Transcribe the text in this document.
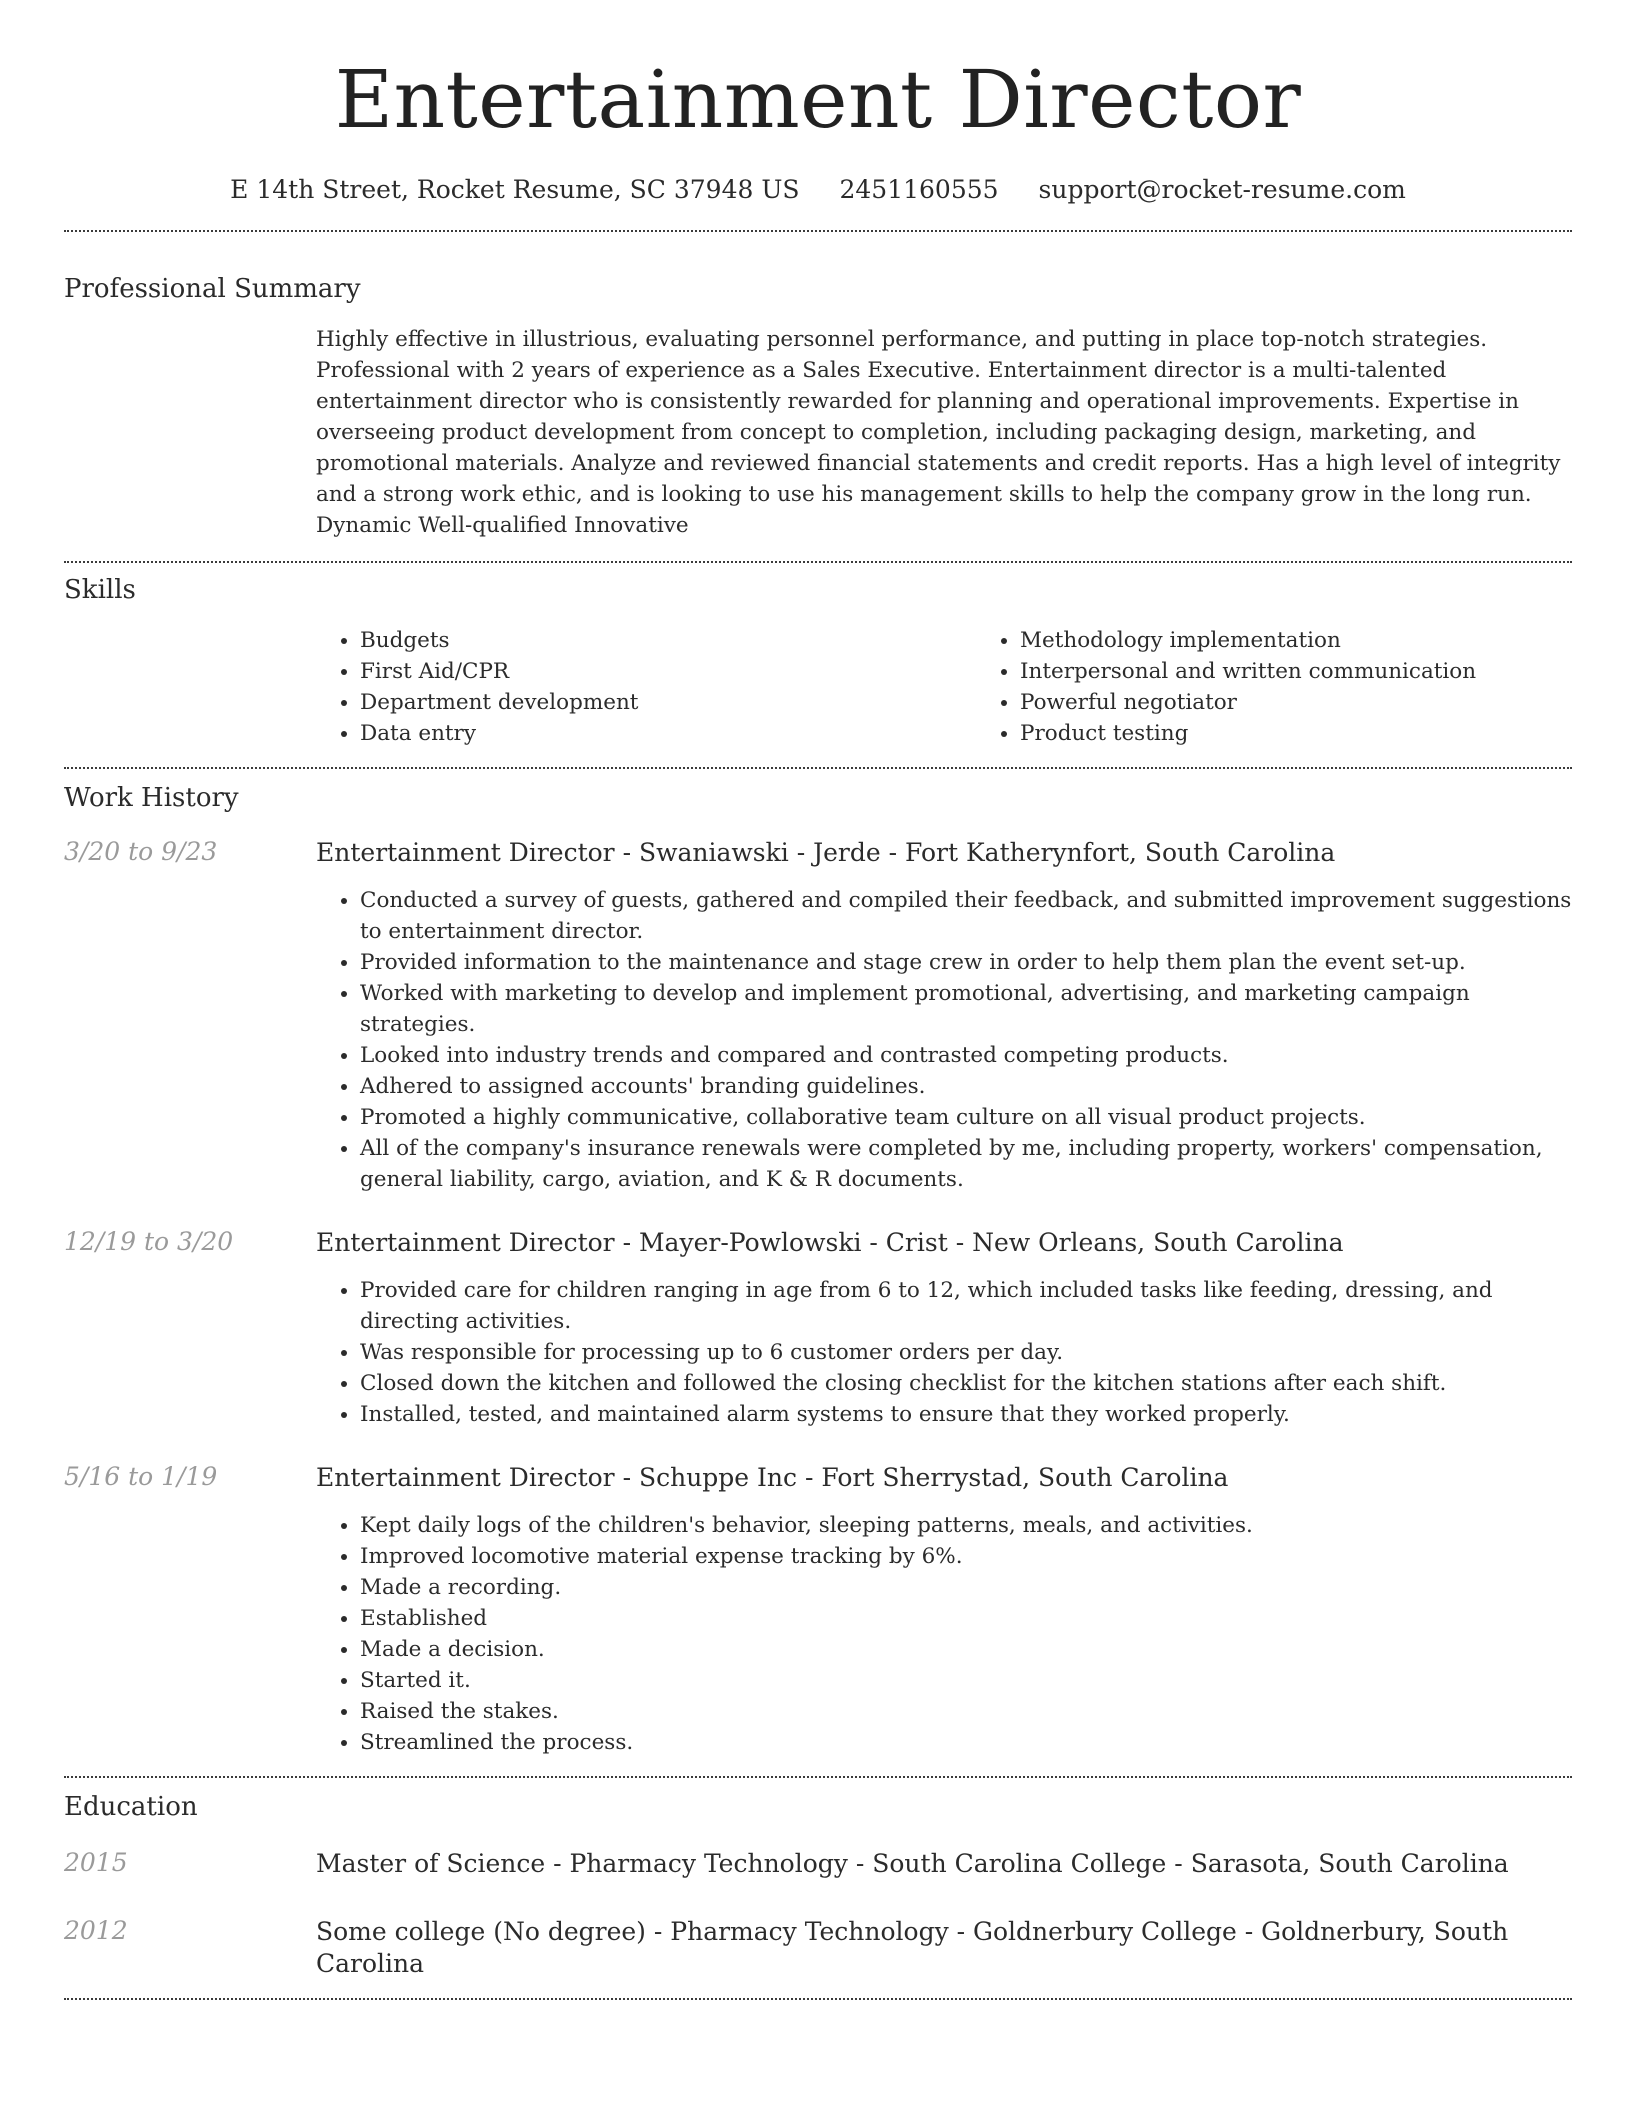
Entertainment Director
E 14th Street, Rocket Resume, SC 37948 US 2451160555 support@rocket-resume.com
Professional Summary

Highly effective in illustrious, evaluating personnel performance, and putting in place top-notch strategies. Professional with 2 years of experience as a Sales Executive. Entertainment director is a multi-talented entertainment director who is consistently rewarded for planning and operational improvements. Expertise in overseeing product development from concept to completion, including packaging design, marketing, and promotional materials. Analyze and reviewed financial statements and credit reports. Has a high level of integrity and a strong work ethic, and is looking to use his management skills to help the company grow in the long run. Dynamic Well-qualified Innovative

Skills
• Budgets
• First Aid/CPR
• Department development
• Data entry
• Methodology implementation
• Interpersonal and written communication
• Powerful negotiator
• Product testing
Work History
3/20 to 9/23	Entertainment Director - Swaniawski - Jerde - Fort Katherynfort, South Carolina
• Conducted a survey of guests, gathered and compiled their feedback, and submitted improvement suggestions to entertainment director.
• Provided information to the maintenance and stage crew in order to help them plan the event set-up.
• Worked with marketing to develop and implement promotional, advertising, and marketing campaign strategies.
• Looked into industry trends and compared and contrasted competing products.
• Adhered to assigned accounts' branding guidelines.
• Promoted a highly communicative, collaborative team culture on all visual product projects.
• All of the company's insurance renewals were completed by me, including property, workers' compensation, general liability, cargo, aviation, and K & R documents.
12/19 to 3/20	Entertainment Director - Mayer-Powlowski - Crist - New Orleans, South Carolina
• Provided care for children ranging in age from 6 to 12, which included tasks like feeding, dressing, and directing activities.
• Was responsible for processing up to 6 customer orders per day.
• Closed down the kitchen and followed the closing checklist for the kitchen stations after each shift.
• Installed, tested, and maintained alarm systems to ensure that they worked properly.
5/16 to 1/19	Entertainment Director - Schuppe Inc - Fort Sherrystad, South Carolina
• Kept daily logs of the children's behavior, sleeping patterns, meals, and activities.
• Improved locomotive material expense tracking by 6%.
• Made a recording.
• Established
• Made a decision.
• Started it.
• Raised the stakes.
• Streamlined the process.
Education
2015	Master of Science - Pharmacy Technology - South Carolina College - Sarasota, South Carolina
2012	Some college (No degree) - Pharmacy Technology - Goldnerbury College - Goldnerbury, South Carolina
